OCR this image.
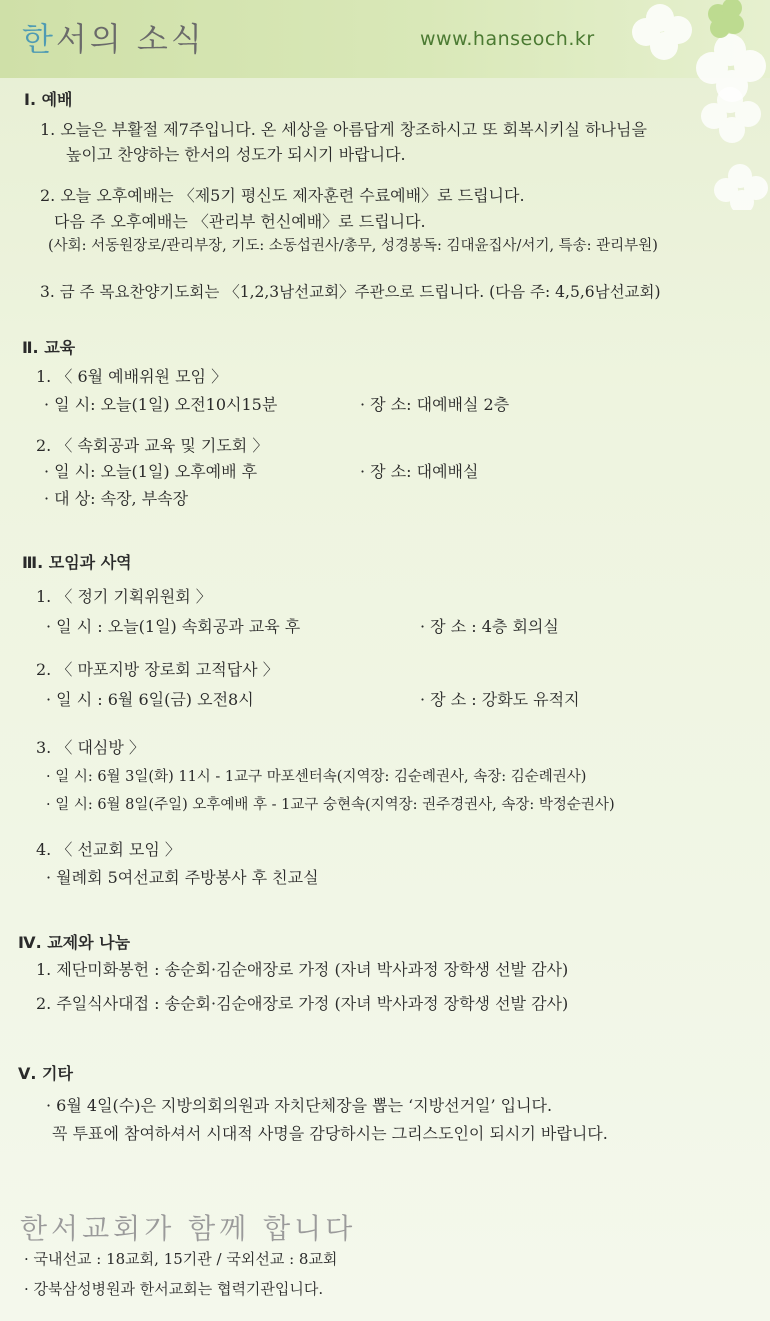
한서의 소식	www.hanseoch.kr
Ⅰ. 예배
1. 오늘은 부활절 제7주입니다. 온 세상을 아름답게 창조하시고 또 회복시키실 하나님을
높이고 찬양하는 한서의 성도가 되시기 바랍니다.
2. 오늘 오후예배는 〈제5기 평신도 제자훈련 수료예배〉로 드립니다.
다음 주 오후예배는 〈관리부 헌신예배〉로 드립니다.
(사회: 서동원장로/관리부장, 기도: 소동섭권사/총무, 성경봉독: 김대윤집사/서기, 특송: 관리부원)
3. 금 주 목요찬양기도회는 〈1,2,3남선교회〉주관으로 드립니다. (다음 주: 4,5,6남선교회)
Ⅱ. 교육
1. 〈 6월 예배위원 모임 〉
· 일 시: 오늘(1일) 오전10시15분	· 장 소: 대예배실 2층
2. 〈 속회공과 교육 및 기도회 〉
· 일 시: 오늘(1일) 오후예배 후	· 장 소: 대예배실
· 대 상: 속장, 부속장
Ⅲ. 모임과 사역
1. 〈 정기 기획위원회 〉
· 일 시 : 오늘(1일) 속회공과 교육 후	· 장 소 : 4층 회의실
2. 〈 마포지방 장로회 고적답사 〉
· 일 시 : 6월 6일(금) 오전8시	· 장 소 : 강화도 유적지
3. 〈 대심방 〉
· 일 시: 6월 3일(화) 11시 - 1교구 마포센터속(지역장: 김순례권사, 속장: 김순례권사)
· 일 시: 6월 8일(주일) 오후예배 후 - 1교구 숭현속(지역장: 권주경권사, 속장: 박정순권사)
4. 〈 선교회 모임 〉
· 월례회 5여선교회 주방봉사 후 친교실
Ⅳ. 교제와 나눔
1. 제단미화봉헌 : 송순회·김순애장로 가정 (자녀 박사과정 장학생 선발 감사)
2. 주일식사대접 : 송순회·김순애장로 가정 (자녀 박사과정 장학생 선발 감사)
Ⅴ. 기타
· 6월 4일(수)은 지방의회의원과 자치단체장을 뽑는 ‘지방선거일’ 입니다.
꼭 투표에 참여하셔서 시대적 사명을 감당하시는 그리스도인이 되시기 바랍니다.
한서교회가 함께 합니다
· 국내선교 : 18교회, 15기관 / 국외선교 : 8교회
· 강북삼성병원과 한서교회는 협력기관입니다.
